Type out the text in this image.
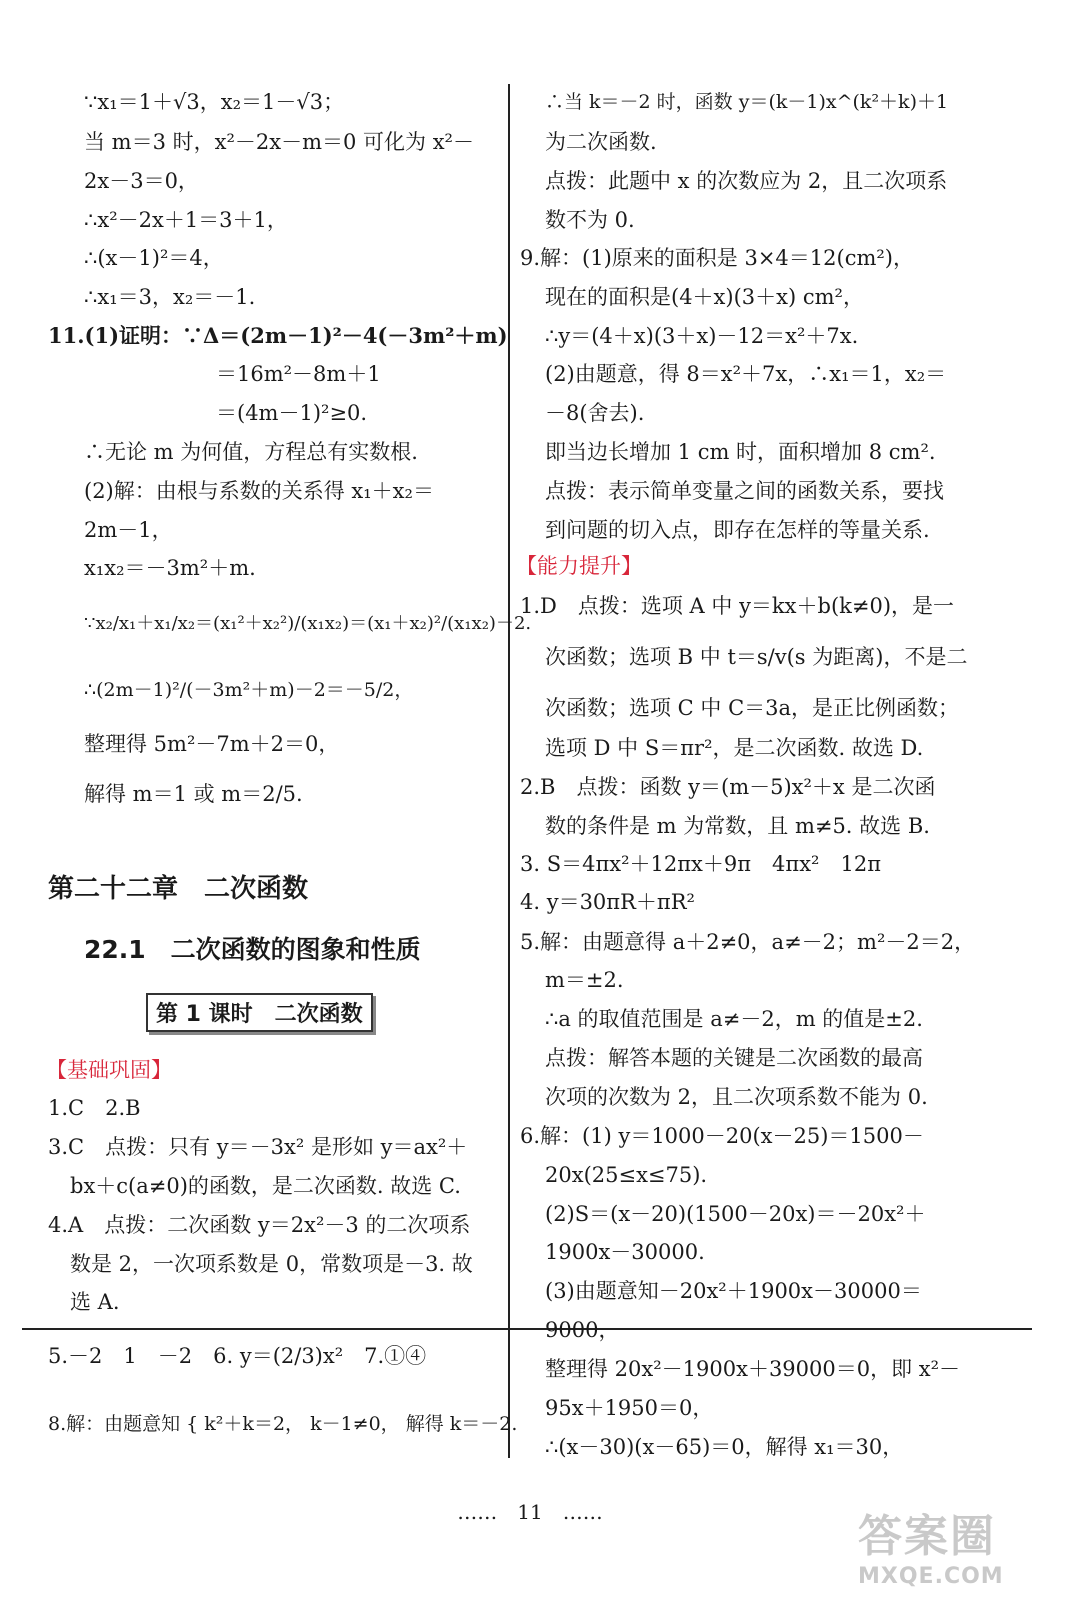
∵x₁＝1＋√3，x₂＝1－√3；
当 m＝3 时，x²－2x－m＝0 可化为 x²－
2x－3＝0，
∴x²－2x＋1＝3＋1，
∴(x－1)²＝4，
∴x₁＝3，x₂＝－1.
11.(1)证明：∵Δ＝(2m－1)²－4(－3m²＋m)
＝16m²－8m＋1
＝(4m－1)²≥0.
∴无论 m 为何值，方程总有实数根.
(2)解：由根与系数的关系得 x₁＋x₂＝
2m－1，
x₁x₂＝－3m²＋m.
∵x₂/x₁＋x₁/x₂＝(x₁²＋x₂²)/(x₁x₂)＝(x₁＋x₂)²/(x₁x₂)－2.
∴(2m－1)²/(－3m²＋m)－2＝－5/2，
整理得 5m²－7m＋2＝0，
解得 m＝1 或 m＝2/5.
第二十二章　二次函数
22.1　二次函数的图象和性质
第 1 课时　二次函数
【基础巩固】
1.C　2.B
3.C　点拨：只有 y＝－3x² 是形如 y＝ax²＋
bx＋c(a≠0)的函数，是二次函数. 故选 C.
4.A　点拨：二次函数 y＝2x²－3 的二次项系
数是 2，一次项系数是 0，常数项是－3. 故
选 A.
5.－2　1　－2　6. y＝(2/3)x²　7.①④
8.解：由题意知 { k²＋k＝2， k－1≠0， 解得 k＝－2.
∴当 k＝－2 时，函数 y＝(k－1)x^(k²＋k)＋1
为二次函数.
点拨：此题中 x 的次数应为 2，且二次项系
数不为 0.
9.解：(1)原来的面积是 3×4＝12(cm²)，
现在的面积是(4＋x)(3＋x) cm²，
∴y＝(4＋x)(3＋x)－12＝x²＋7x.
(2)由题意，得 8＝x²＋7x，∴x₁＝1，x₂＝
－8(舍去).
即当边长增加 1 cm 时，面积增加 8 cm².
点拨：表示简单变量之间的函数关系，要找
到问题的切入点，即存在怎样的等量关系.
【能力提升】
1.D　点拨：选项 A 中 y＝kx＋b(k≠0)，是一
次函数；选项 B 中 t＝s/v(s 为距离)，不是二
次函数；选项 C 中 C＝3a，是正比例函数；
选项 D 中 S＝πr²，是二次函数. 故选 D.
2.B　点拨：函数 y＝(m－5)x²＋x 是二次函
数的条件是 m 为常数，且 m≠5. 故选 B.
3. S＝4πx²＋12πx＋9π　4πx²　12π
4. y＝30πR＋πR²
5.解：由题意得 a＋2≠0，a≠－2；m²－2＝2，
m＝±2.
∴a 的取值范围是 a≠－2，m 的值是±2.
点拨：解答本题的关键是二次函数的最高
次项的次数为 2，且二次项系数不能为 0.
6.解：(1) y＝1000－20(x－25)＝1500－
20x(25≤x≤75).
(2)S＝(x－20)(1500－20x)＝－20x²＋
1900x－30000.
(3)由题意知－20x²＋1900x－30000＝
9000，
整理得 20x²－1900x＋39000＝0，即 x²－
95x＋1950＝0，
∴(x－30)(x－65)＝0，解得 x₁＝30，
……　11　……	答案圈
MXQE.COM
